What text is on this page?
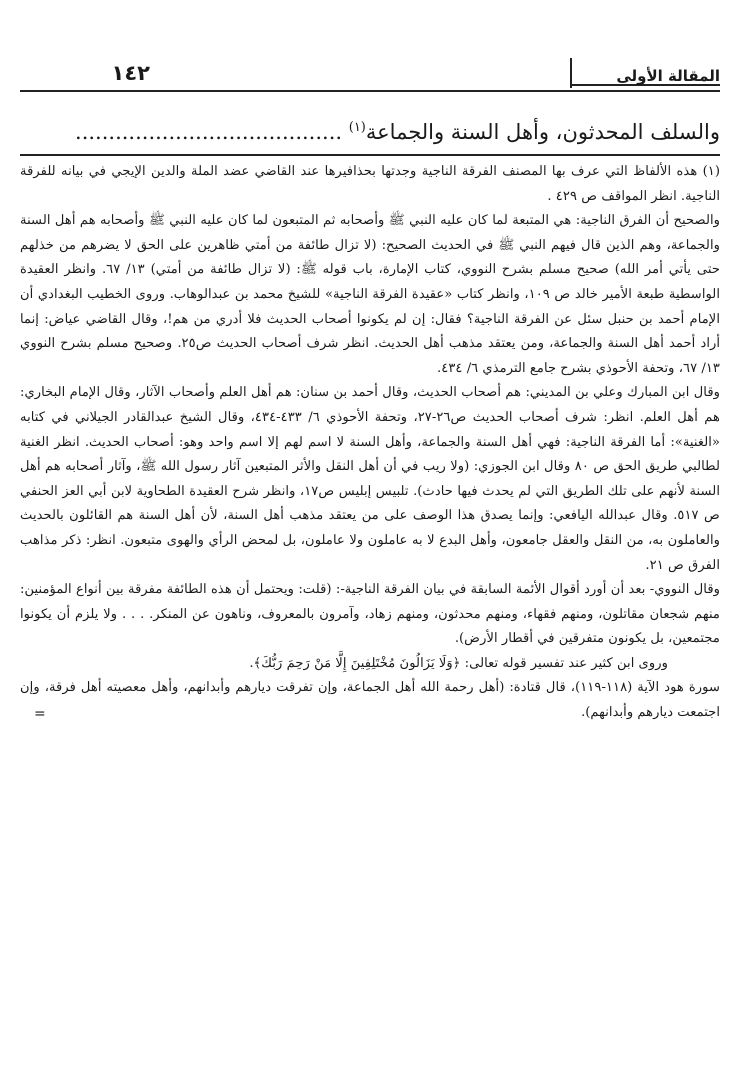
١٤٢	المقالة الأولى
والسلف المحدثون، وأهل السنة والجماعة$^{(١)}$ ........................................

(١) هذه الألفاظ التي عرف بها المصنف الفرقة الناجية وجدتها بحذافيرها عند القاضي عضد الملة والدين الإيجي في بيانه للفرقة الناجية. انظر المواقف ص ٤٢٩ .

والصحيح أن الفرق الناجية: هي المتبعة لما كان عليه النبي ﷺ وأصحابه ثم المتبعون لما كان عليه النبي ﷺ وأصحابه هم أهل السنة والجماعة، وهم الذين قال فيهم النبي ﷺ في الحديث الصحيح: (لا تزال طائفة من أمتي ظاهرين على الحق لا يضرهم من خذلهم حتى يأتي أمر الله) صحيح مسلم بشرح النووي، كتاب الإمارة، باب قوله ﷺ: (لا تزال طائفة من أمتي) ١٣/ ٦٧. وانظر العقيدة الواسطية طبعة الأمير خالد ص ١٠٩، وانظر كتاب «عقيدة الفرقة الناجية» للشيخ محمد بن عبدالوهاب. وروى الخطيب البغدادي أن الإمام أحمد بن حنبل سئل عن الفرقة الناجية؟ فقال: إن لم يكونوا أصحاب الحديث فلا أدري من هم!، وقال القاضي عياض: إنما أراد أحمد أهل السنة والجماعة، ومن يعتقد مذهب أهل الحديث. انظر شرف أصحاب الحديث ص٢٥. وصحيح مسلم بشرح النووي ١٣/ ٦٧، وتحفة الأحوذي بشرح جامع الترمذي ٦/ ٤٣٤.

وقال ابن المبارك وعلي بن المديني: هم أصحاب الحديث، وقال أحمد بن سنان: هم أهل العلم وأصحاب الآثار، وقال الإمام البخاري: هم أهل العلم. انظر: شرف أصحاب الحديث ص٢٦-٢٧، وتحفة الأحوذي ٦/ ٤٣٣-٤٣٤، وقال الشيخ عبدالقادر الجيلاني في كتابه «الغنية»: أما الفرقة الناجية: فهي أهل السنة والجماعة، وأهل السنة لا اسم لهم إلا اسم واحد وهو: أصحاب الحديث. انظر الغنية لطالبي طريق الحق ص ٨٠ وقال ابن الجوزي: (ولا ريب في أن أهل النقل والأثر المتبعين آثار رسول الله ﷺ، وآثار أصحابه هم أهل السنة لأنهم على تلك الطريق التي لم يحدث فيها حادث). تلبيس إبليس ص١٧، وانظر شرح العقيدة الطحاوية لابن أبي العز الحنفي ص ٥١٧. وقال عبدالله اليافعي: وإنما يصدق هذا الوصف على من يعتقد مذهب أهل السنة، لأن أهل السنة هم القائلون بالحديث والعاملون به، من النقل والعقل جامعون، وأهل البدع لا به عاملون ولا عاملون، بل لمحض الرأي والهوى متبعون. انظر: ذكر مذاهب الفرق ص ٢١.

وقال النووي- بعد أن أورد أقوال الأئمة السابقة في بيان الفرقة الناجية-: (قلت: ويحتمل أن هذه الطائفة مفرقة بين أنواع المؤمنين: منهم شجعان مقاتلون، ومنهم فقهاء، ومنهم محدثون، ومنهم زهاد، وآمرون بالمعروف، وناهون عن المنكر. . . . ولا يلزم أن يكونوا مجتمعين، بل يكونون متفرقين في أقطار الأرض).

وروى ابن كثير عند تفسير قوله تعالى: ﴿وَلَا يَزَالُونَ مُخْتَلِفِينَ إِلَّا مَنْ رَحِمَ رَبُّكَ﴾.

سورة هود الآية (١١٨-١١٩)، قال قتادة: (أهل رحمة الله أهل الجماعة، وإن تفرقت ديارهم وأبدانهم، وأهل معصيته أهل فرقة، وإن اجتمعت ديارهم وأبدانهم).

=
